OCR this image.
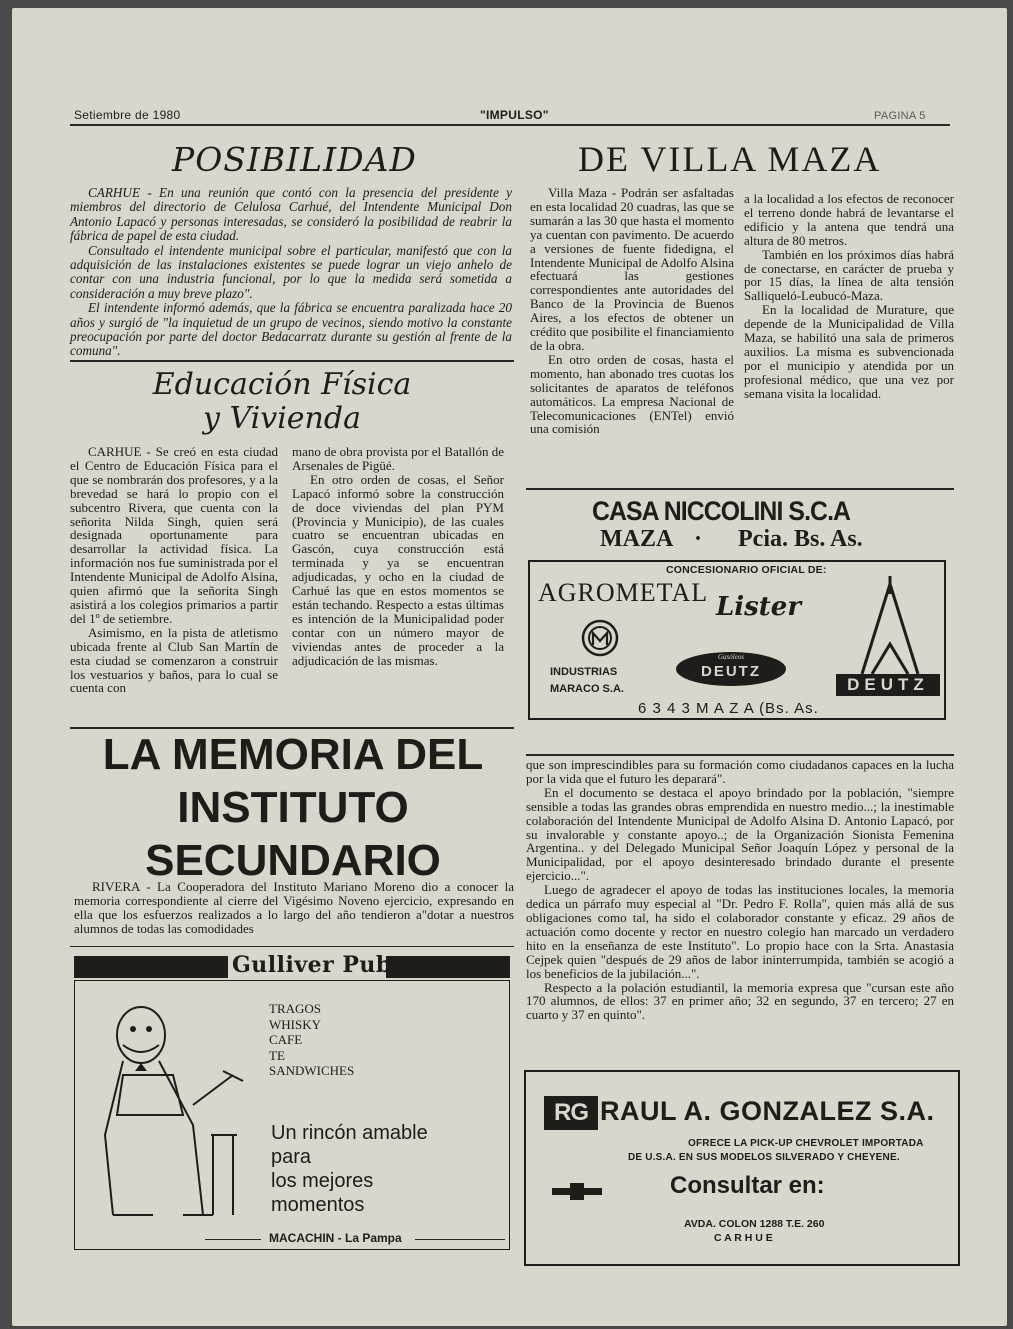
Setiembre de 1980	"IMPULSO"	PAGINA 5
POSIBILIDAD	DE VILLA MAZA

CARHUE - En una reunión que contó con la presencia del presidente y miembros del directorio de Celulosa Carhué, del Intendente Municipal Don Antonio Lapacó y personas interesadas, se consideró la posibilidad de reabrir la fábrica de papel de esta ciudad.

Consultado el intendente municipal sobre el particular, manifestó que con la adquisición de las instalaciones existentes se puede lograr un viejo anhelo de contar con una industria funcional, por lo que la medida será sometida a consideración a muy breve plazo".

El intendente informó además, que la fábrica se encuentra paralizada hace 20 años y surgió de "la inquietud de un grupo de vecinos, siendo motivo la constante preocupación por parte del doctor Bedacarratz durante su gestión al frente de la comuna".

Villa Maza - Podrán ser asfaltadas en esta localidad 20 cuadras, las que se sumarán a las 30 que hasta el momento ya cuentan con pavimento. De acuerdo a versiones de fuente fidedigna, el Intendente Municipal de Adolfo Alsina efectuará las gestiones correspondientes ante autoridades del Banco de la Provincia de Buenos Aires, a los efectos de obtener un crédito que posibilite el financiamiento de la obra.

En otro orden de cosas, hasta el momento, han abonado tres cuotas los solicitantes de aparatos de teléfonos automáticos. La empresa Nacional de Telecomunicaciones (ENTel) envió una comisión

a la localidad a los efectos de reconocer el terreno donde habrá de levantarse el edificio y la antena que tendrá una altura de 80 metros.

También en los próximos días habrá de conectarse, en carácter de prueba y por 15 días, la línea de alta tensión Salliqueló-Leubucó-Maza.

En la localidad de Murature, que depende de la Municipalidad de Villa Maza, se habilitó una sala de primeros auxilios. La misma es subvencionada por el municipio y atendida por un profesional médico, que una vez por semana visita la localidad.

Educación Física
y Vivienda

CARHUE - Se creó en esta ciudad el Centro de Educación Física para el que se nombrarán dos profesores, y a la brevedad se hará lo propio con el subcentro Rivera, que cuenta con la señorita Nilda Singh, quien será designada oportunamente para desarrollar la actividad física. La información nos fue suministrada por el Intendente Municipal de Adolfo Alsina, quien afirmó que la señorita Singh asistirá a los colegios primarios a partir del 1º de setiembre.

Asimismo, en la pista de atletismo ubicada frente al Club San Martín de esta ciudad se comenzaron a construir los vestuarios y baños, para lo cual se cuenta con

mano de obra provista por el Batallón de Arsenales de Pigüé.

En otro orden de cosas, el Señor Lapacó informó sobre la construcción de doce viviendas del plan PYM (Provincia y Municipio), de las cuales cuatro se encuentran ubicadas en Gascón, cuya construcción está terminada y ya se encuentran adjudicadas, y ocho en la ciudad de Carhué las que en estos momentos se están techando. Respecto a estas últimas es intención de la Municipalidad poder contar con un número mayor de viviendas antes de proceder a la adjudicación de las mismas.

CASA NICCOLINI S.C.A
MAZA · Pcia. Bs. As.
CONCESIONARIO OFICIAL DE:
AGROMETAL Lister
INDUSTRIAS
MARACO S.A.
Gasóleos
DEUTZ
DEUTZ
6 3 4 3 M A Z A (Bs. As.
LA MEMORIA DEL
INSTITUTO
SECUNDARIO

RIVERA - La Cooperadora del Instituto Mariano Moreno dio a conocer la memoria correspondiente al cierre del Vigésimo Noveno ejercicio, expresando en ella que los esfuerzos realizados a lo largo del año tendieron a"dotar a nuestros alumnos de todas las comodidades

que son imprescindibles para su formación como ciudadanos capaces en la lucha por la vida que el futuro les deparará".

En el documento se destaca el apoyo brindado por la población, "siempre sensible a todas las grandes obras emprendida en nuestro medio...; la inestimable colaboración del Intendente Municipal de Adolfo Alsina D. Antonio Lapacó, por su invalorable y constante apoyo..; de la Organización Sionista Femenina Argentina.. y del Delegado Municipal Señor Joaquín López y personal de la Municipalidad, por el apoyo desinteresado brindado durante el presente ejercicio...".

Luego de agradecer el apoyo de todas las instituciones locales, la memoria dedica un párrafo muy especial al "Dr. Pedro F. Rolla", quien más allá de sus obligaciones como tal, ha sido el colaborador constante y eficaz. 29 años de actuación como docente y rector en nuestro colegio han marcado un verdadero hito en la enseñanza de este Instituto". Lo propio hace con la Srta. Anastasia Cejpek quien "después de 29 años de labor ininterrumpida, también se acogió a los beneficios de la jubilación...".

Respecto a la polación estudiantil, la memoria expresa que "cursan este año 170 alumnos, de ellos: 37 en primer año; 32 en segundo, 37 en tercero; 27 en cuarto y 37 en quinto".

Gulliver Pub
TRAGOS
WHISKY
CAFE
TE
SANDWICHES
Un rincón amable
para
los mejores
momentos
MACACHIN - La Pampa
RG RAUL A. GONZALEZ S.A.
OFRECE LA PICK-UP CHEVROLET IMPORTADA
DE U.S.A. EN SUS MODELOS SILVERADO Y CHEYENE.
Consultar en:
AVDA. COLON 1288 T.E. 260
C A R H U E
